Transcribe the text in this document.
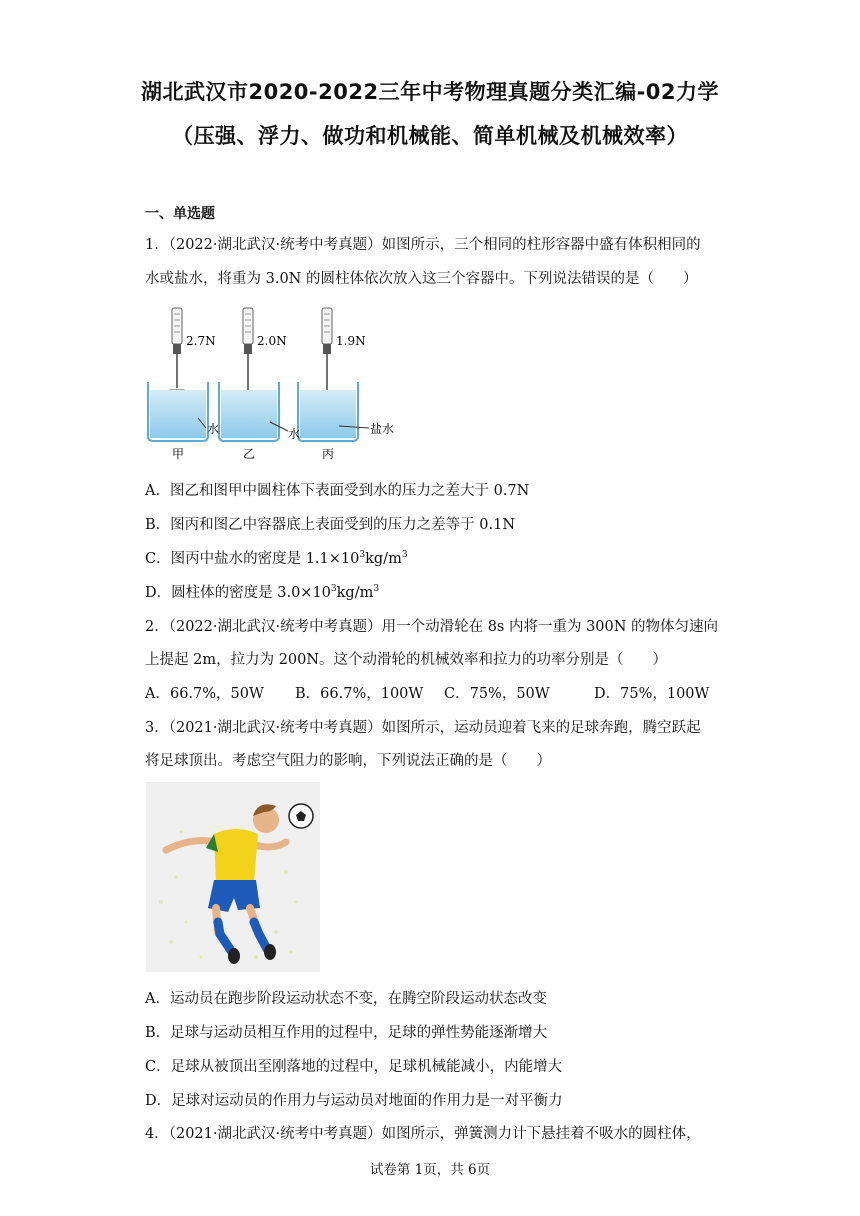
湖北武汉市2020-2022三年中考物理真题分类汇编-02力学
（压强、浮力、做功和机械能、简单机械及机械效率）
一、单选题
1．（2022·湖北武汉·统考中考真题）如图所示，三个相同的柱形容器中盛有体积相同的
水或盐水，将重为 3.0N 的圆柱体依次放入这三个容器中。下列说法错误的是（　　）
2.7N	2.0N	1.9N
水	水	盐水
甲	乙	丙
A．图乙和图甲中圆柱体下表面受到水的压力之差大于 0.7N
B．图丙和图乙中容器底上表面受到的压力之差等于 0.1N
C．图丙中盐水的密度是 $1.1\times 10^3kg/m^3$
D．圆柱体的密度是 $3.0\times 10^3kg/m^3$
2．（2022·湖北武汉·统考中考真题）用一个动滑轮在 8s 内将一重为 300N 的物体匀速向
上提起 2m，拉力为 200N。这个动滑轮的机械效率和拉力的功率分别是（　　）
A．66.7%，50W B．66.7%，100W C．75%，50W	D．75%，100W
3．（2021·湖北武汉·统考中考真题）如图所示，运动员迎着飞来的足球奔跑，腾空跃起
将足球顶出。考虑空气阻力的影响，下列说法正确的是（　　）
A．运动员在跑步阶段运动状态不变，在腾空阶段运动状态改变
B．足球与运动员相互作用的过程中，足球的弹性势能逐渐增大
C．足球从被顶出至刚落地的过程中，足球机械能减小，内能增大
D．足球对运动员的作用力与运动员对地面的作用力是一对平衡力
4．（2021·湖北武汉·统考中考真题）如图所示，弹簧测力计下悬挂着不吸水的圆柱体，
试卷第 1页，共 6页
